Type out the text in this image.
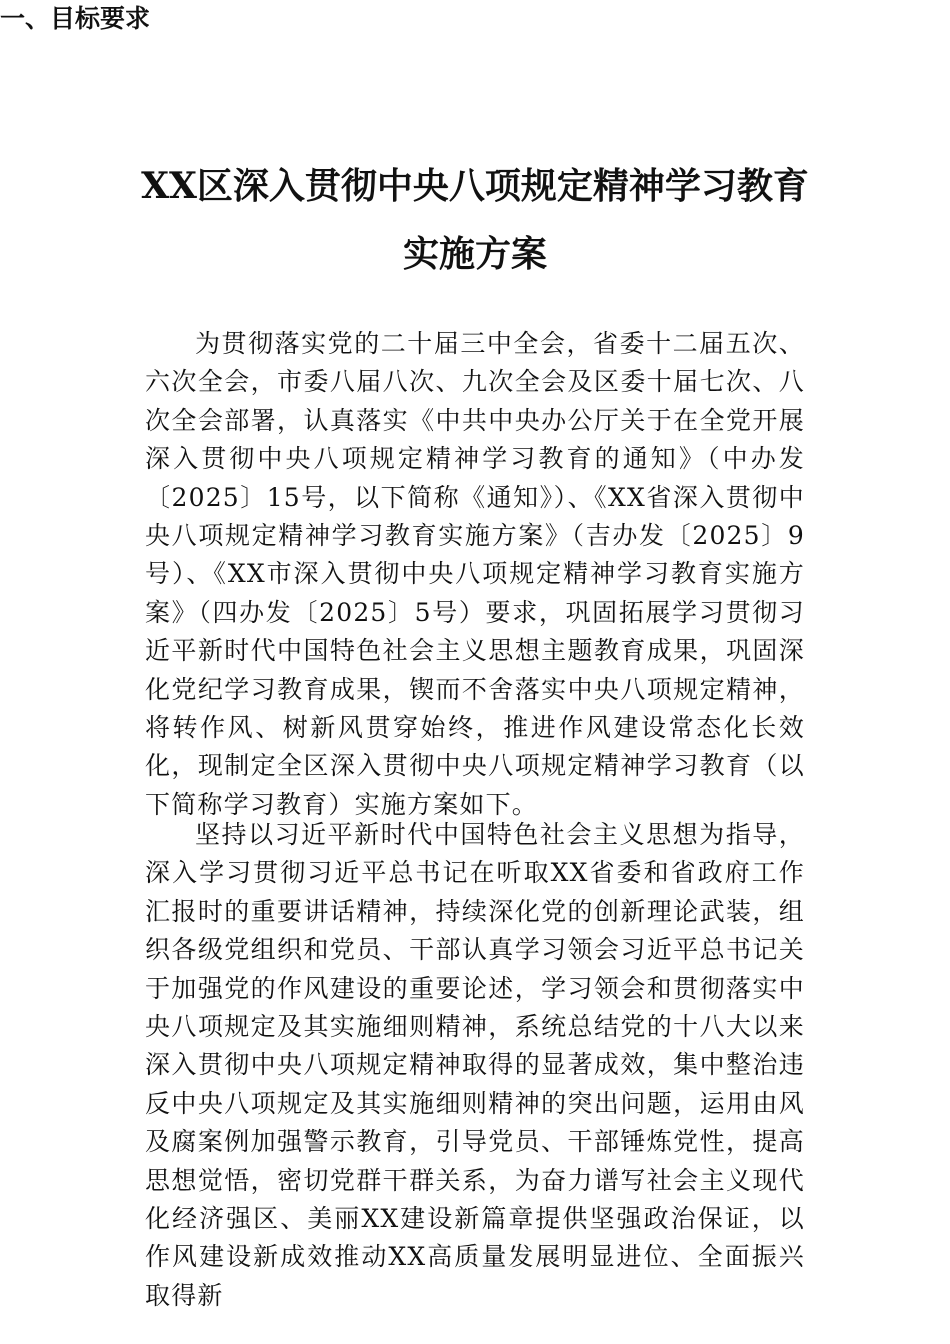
XX区深入贯彻中央八项规定精神学习教育
实施方案
为贯彻落实党的二十届三中全会，省委十二届五次、六次全会，市委八届八次、九次全会及区委十届七次、八次全会部署，认真落实《中共中央办公厅关于在全党开展深入贯彻中央八项规定精神学习教育的通知》（中办发〔2025〕15号，以下简称《通知》）、《XX省深入贯彻中央八项规定精神学习教育实施方案》（吉办发〔2025〕9号）、《XX市深入贯彻中央八项规定精神学习教育实施方案》（四办发〔2025〕5号）要求，巩固拓展学习贯彻习近平新时代中国特色社会主义思想主题教育成果，巩固深化党纪学习教育成果，锲而不舍落实中央八项规定精神，将转作风、树新风贯穿始终，推进作风建设常态化长效化，现制定全区深入贯彻中央八项规定精神学习教育（以下简称学习教育）实施方案如下。
一、目标要求
坚持以习近平新时代中国特色社会主义思想为指导，深入学习贯彻习近平总书记在听取XX省委和省政府工作汇报时的重要讲话精神，持续深化党的创新理论武装，组织各级党组织和党员、干部认真学习领会习近平总书记关于加强党的作风建设的重要论述，学习领会和贯彻落实中央八项规定及其实施细则精神，系统总结党的十八大以来深入贯彻中央八项规定精神取得的显著成效，集中整治违反中央八项规定及其实施细则精神的突出问题，运用由风及腐案例加强警示教育，引导党员、干部锤炼党性，提高思想觉悟，密切党群干群关系，为奋力谱写社会主义现代化经济强区、美丽XX建设新篇章提供坚强政治保证，以作风建设新成效推动XX高质量发展明显进位、全面振兴取得新
